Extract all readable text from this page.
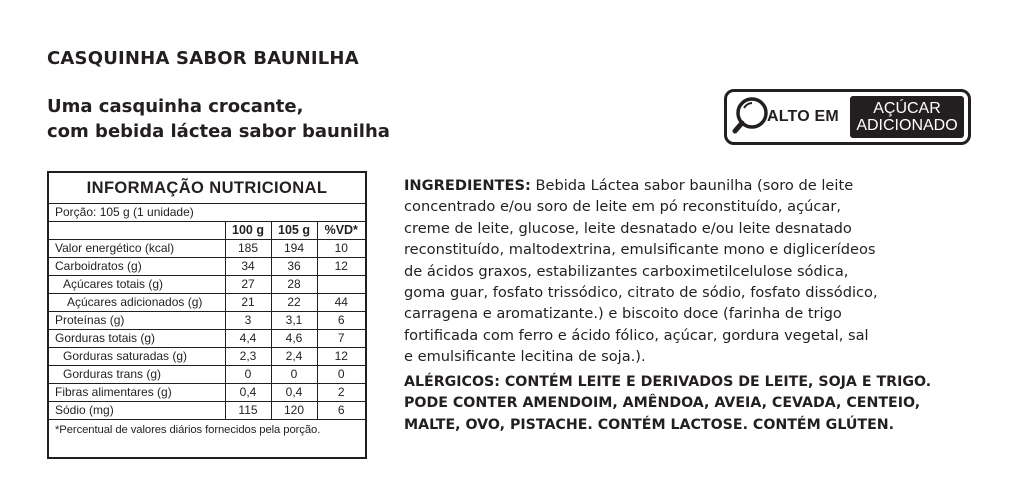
CASQUINHA SABOR BAUNILHA
Uma casquinha crocante,
com bebida láctea sabor baunilha
ALTO EM	AÇÚCAR
ADICIONADO
INFORMAÇÃO NUTRICIONAL
Porção: 105 g (1 unidade)
	100 g	105 g	%VD*
Valor energético (kcal)	185	194	10
Carboidratos (g)	34	36	12
Açúcares totais (g)	27	28	
Açúcares adicionados (g)	21	22	44
Proteínas (g)	3	3,1	6
Gorduras totais (g)	4,4	4,6	7
Gorduras saturadas (g)	2,3	2,4	12
Gorduras trans (g)	0	0	0
Fibras alimentares (g)	0,4	0,4	2
Sódio (mg)	115	120	6
*Percentual de valores diários fornecidos pela porção.

INGREDIENTES: Bebida Láctea sabor baunilha (soro de leite
concentrado e/ou soro de leite em pó reconstituído, açúcar,
creme de leite, glucose, leite desnatado e/ou leite desnatado
reconstituído, maltodextrina, emulsificante mono e diglicerídeos
de ácidos graxos, estabilizantes carboximetilcelulose sódica,
goma guar, fosfato trissódico, citrato de sódio, fosfato dissódico,
carragena e aromatizante.) e biscoito doce (farinha de trigo
fortificada com ferro e ácido fólico, açúcar, gordura vegetal, sal
e emulsificante lecitina de soja.).

ALÉRGICOS: CONTÉM LEITE E DERIVADOS DE LEITE, SOJA E TRIGO.
PODE CONTER AMENDOIM, AMÊNDOA, AVEIA, CEVADA, CENTEIO,
MALTE, OVO, PISTACHE. CONTÉM LACTOSE. CONTÉM GLÚTEN.
